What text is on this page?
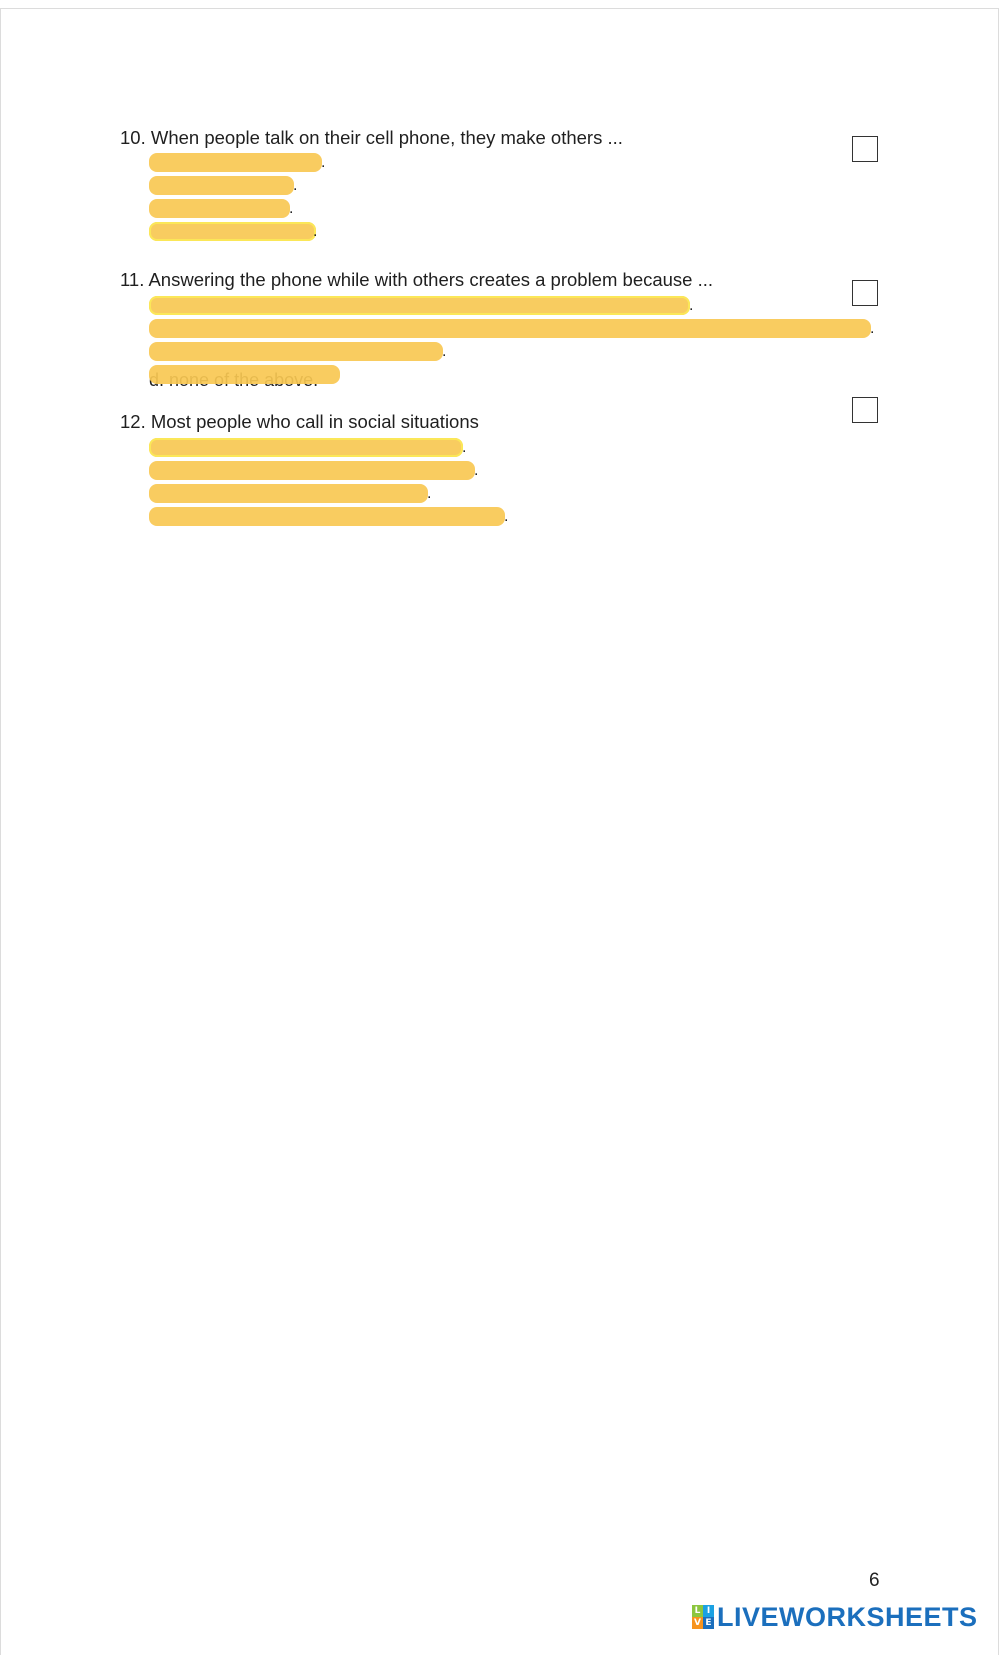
10. When people talk on their cell phone, they make others ...
.
.
.
.
11. Answering the phone while with others creates a problem because ...
.
.
.
12. Most people who call in social situations
.
.
.
.
6
L I
V E LIVEWORKSHEETS
